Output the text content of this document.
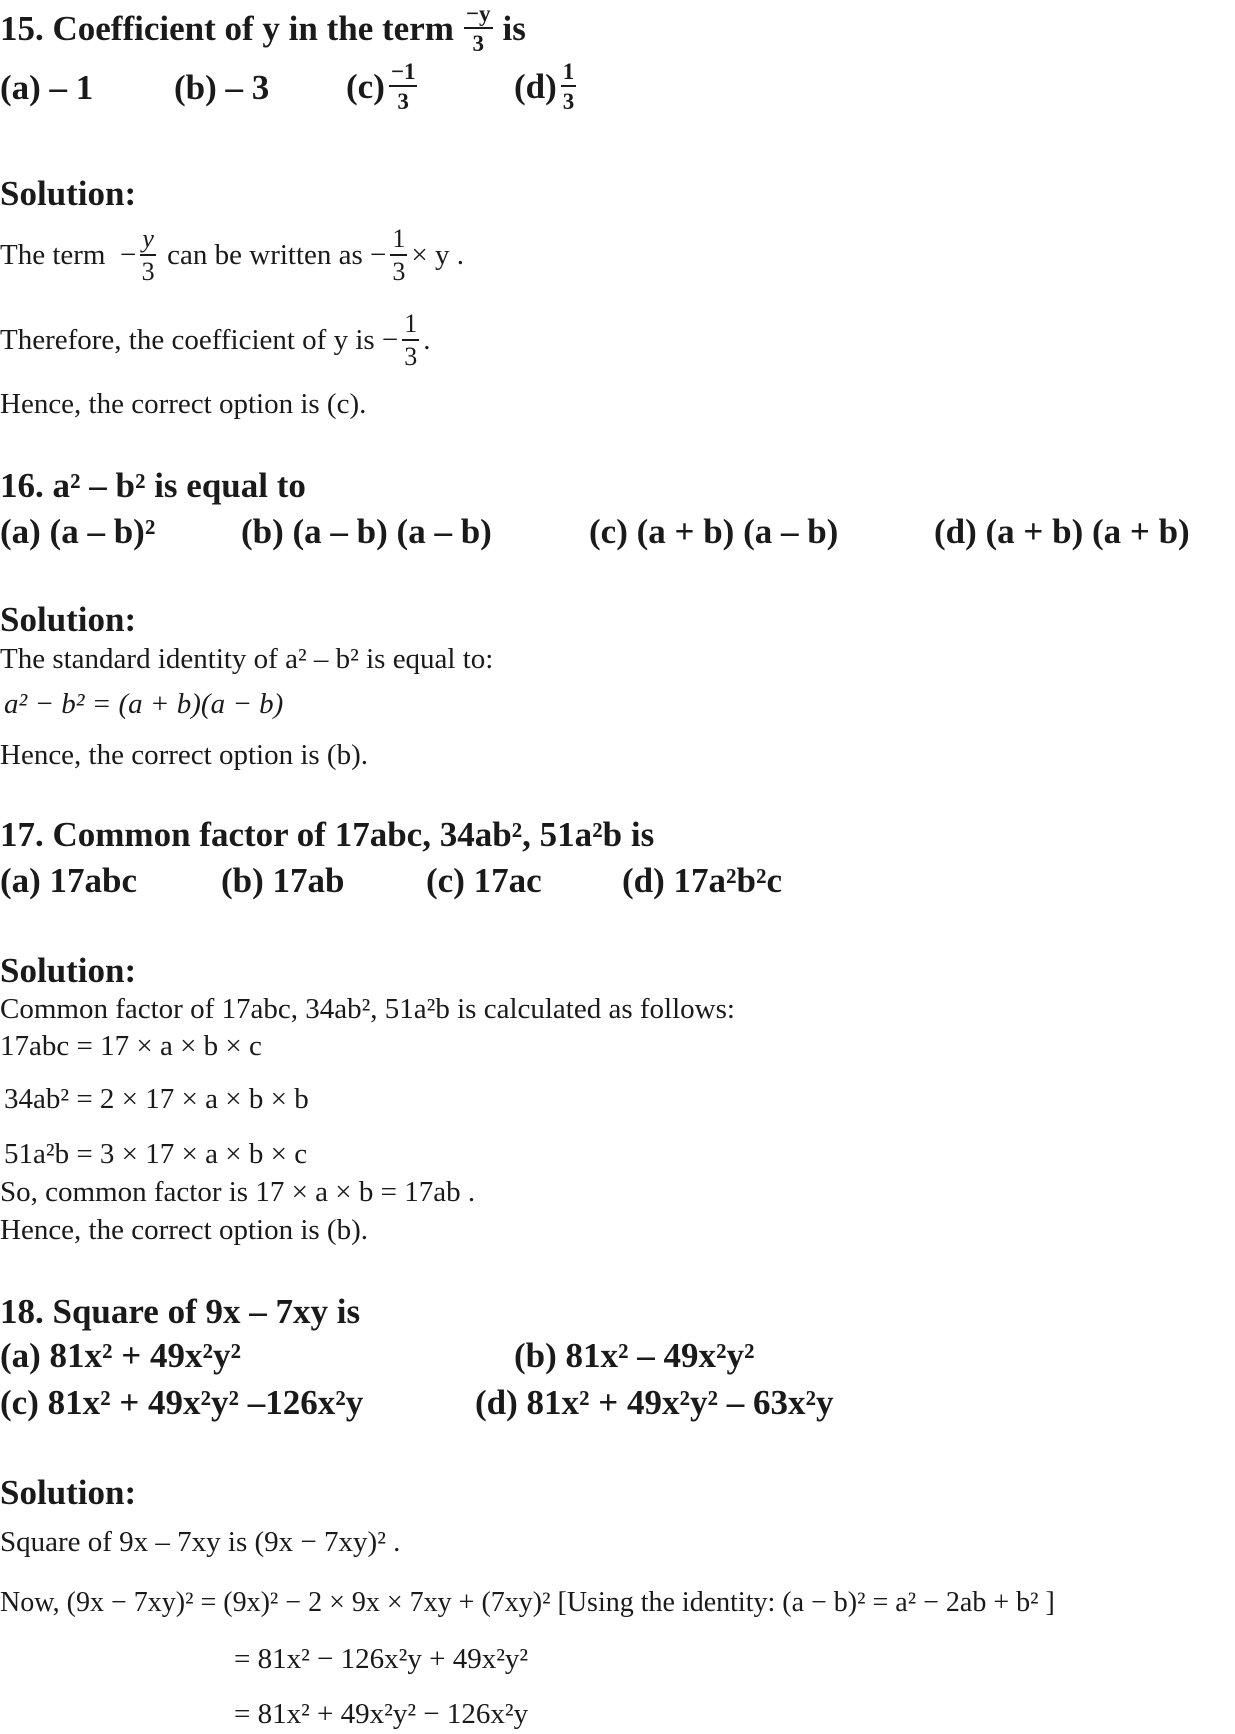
15. Coefficient of y in the term $\frac{-y}{3}$ is
(a) – 1 (b) – 3 $(c) \frac{-1}{3}$	$(d) \frac{1}{3}$
Solution:
The term  − $\frac{y}{3}$ can be written as − $\frac{1}{3} \times y$ .
Therefore, the coefficient of y is − $\frac{1}{3}$ .
Hence, the correct option is (c).
16. a² – b² is equal to
(a) (a – b)² (b) (a – b) (a – b)	(c) (a + b) (a – b)	(d) (a + b) (a + b)
Solution:
The standard identity of a² – b² is equal to:
a² − b² = (a + b)(a − b)
Hence, the correct option is (b).
17. Common factor of 17abc, 34ab², 51a²b is
(a) 17abc (b) 17ab (c) 17ac (d) 17a²b²c
Solution:
Common factor of 17abc, 34ab², 51a²b is calculated as follows:
17abc = 17 × a × b × c
34ab² = 2 × 17 × a × b × b
51a²b = 3 × 17 × a × b × c
So, common factor is 17 × a × b = 17ab .
Hence, the correct option is (b).
18. Square of 9x – 7xy is
(a) 81x² + 49x²y²	(b) 81x² – 49x²y²
(c) 81x² + 49x²y² –126x²y	(d) 81x² + 49x²y² – 63x²y
Solution:
Square of 9x – 7xy is (9x − 7xy)² .
Now, (9x − 7xy)² = (9x)² − 2 × 9x × 7xy + (7xy)² [Using the identity: (a − b)² = a² − 2ab + b² ]
= 81x² − 126x²y + 49x²y²
= 81x² + 49x²y² − 126x²y
